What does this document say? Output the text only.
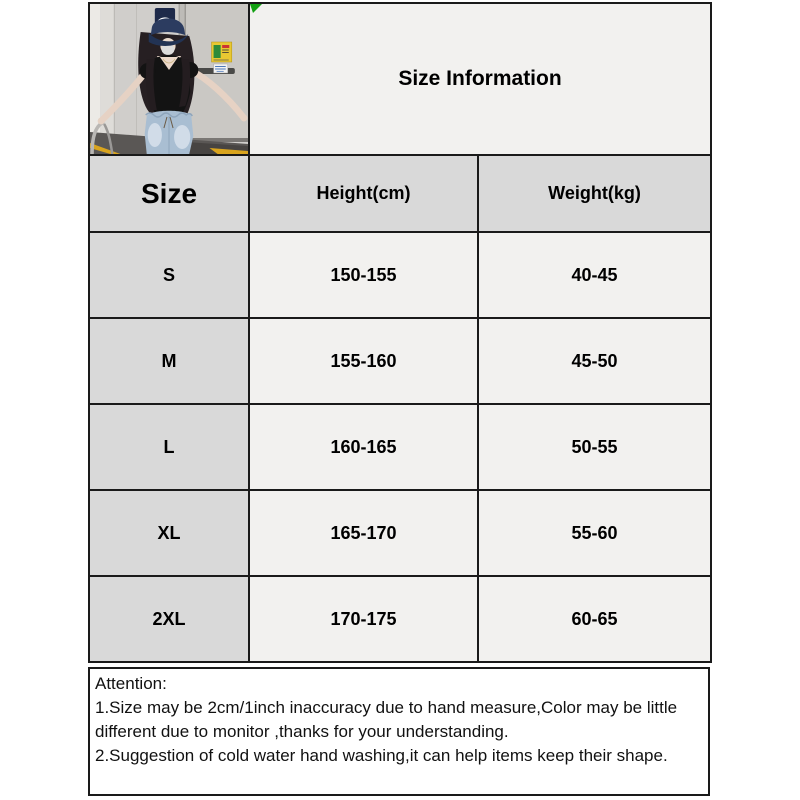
Size Information	
Size	Height(cm)	Weight(kg)
S	150-155	40-45
M	155-160	45-50
L	160-165	50-55
XL	165-170	55-60
2XL	170-175	60-65
Attention:
1.Size may be 2cm/1inch inaccuracy due to hand measure,Color may be little
different due to monitor ,thanks for your understanding.
2.Suggestion of cold water hand washing,it can help items keep their shape.
